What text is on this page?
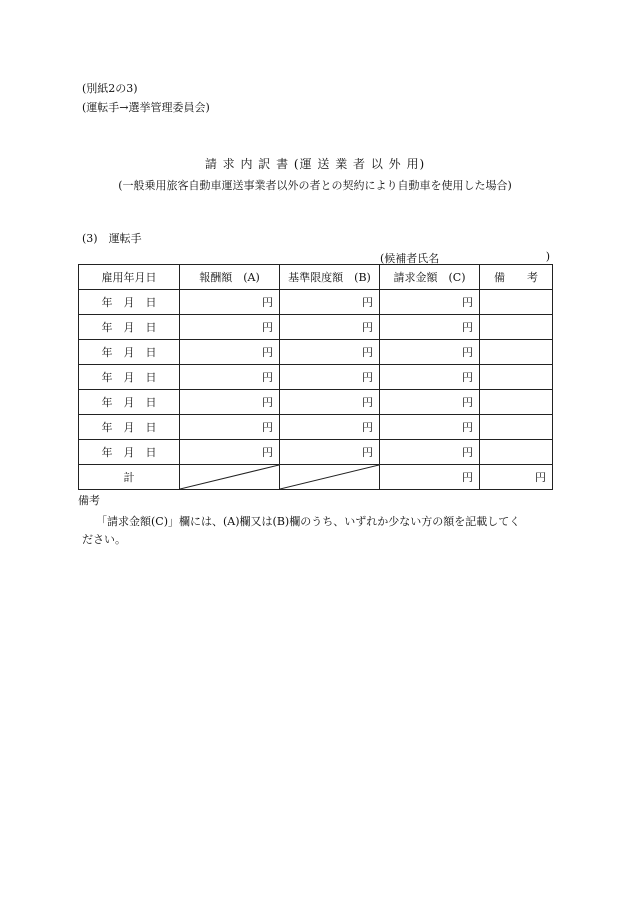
(別紙2の3)
(運転手→選挙管理委員会)
請 求 内 訳 書 (運 送 業 者 以 外 用)
(一般乗用旅客自動車運送事業者以外の者との契約により自動車を使用した場合)
(3)　運転手
(候補者氏名	)
雇用年月日	報酬額　(A)	基準限度額　(B)	請求金額　(C)	備　　考
年　月　日	円	円	円	
年　月　日	円	円	円	
年　月　日	円	円	円	
年　月　日	円	円	円	
年　月　日	円	円	円	
年　月　日	円	円	円	
年　月　日	円	円	円	
計			円	円
備考
「請求金額(C)」欄には、(A)欄又は(B)欄のうち、いずれか少ない方の額を記載してく
ださい。
